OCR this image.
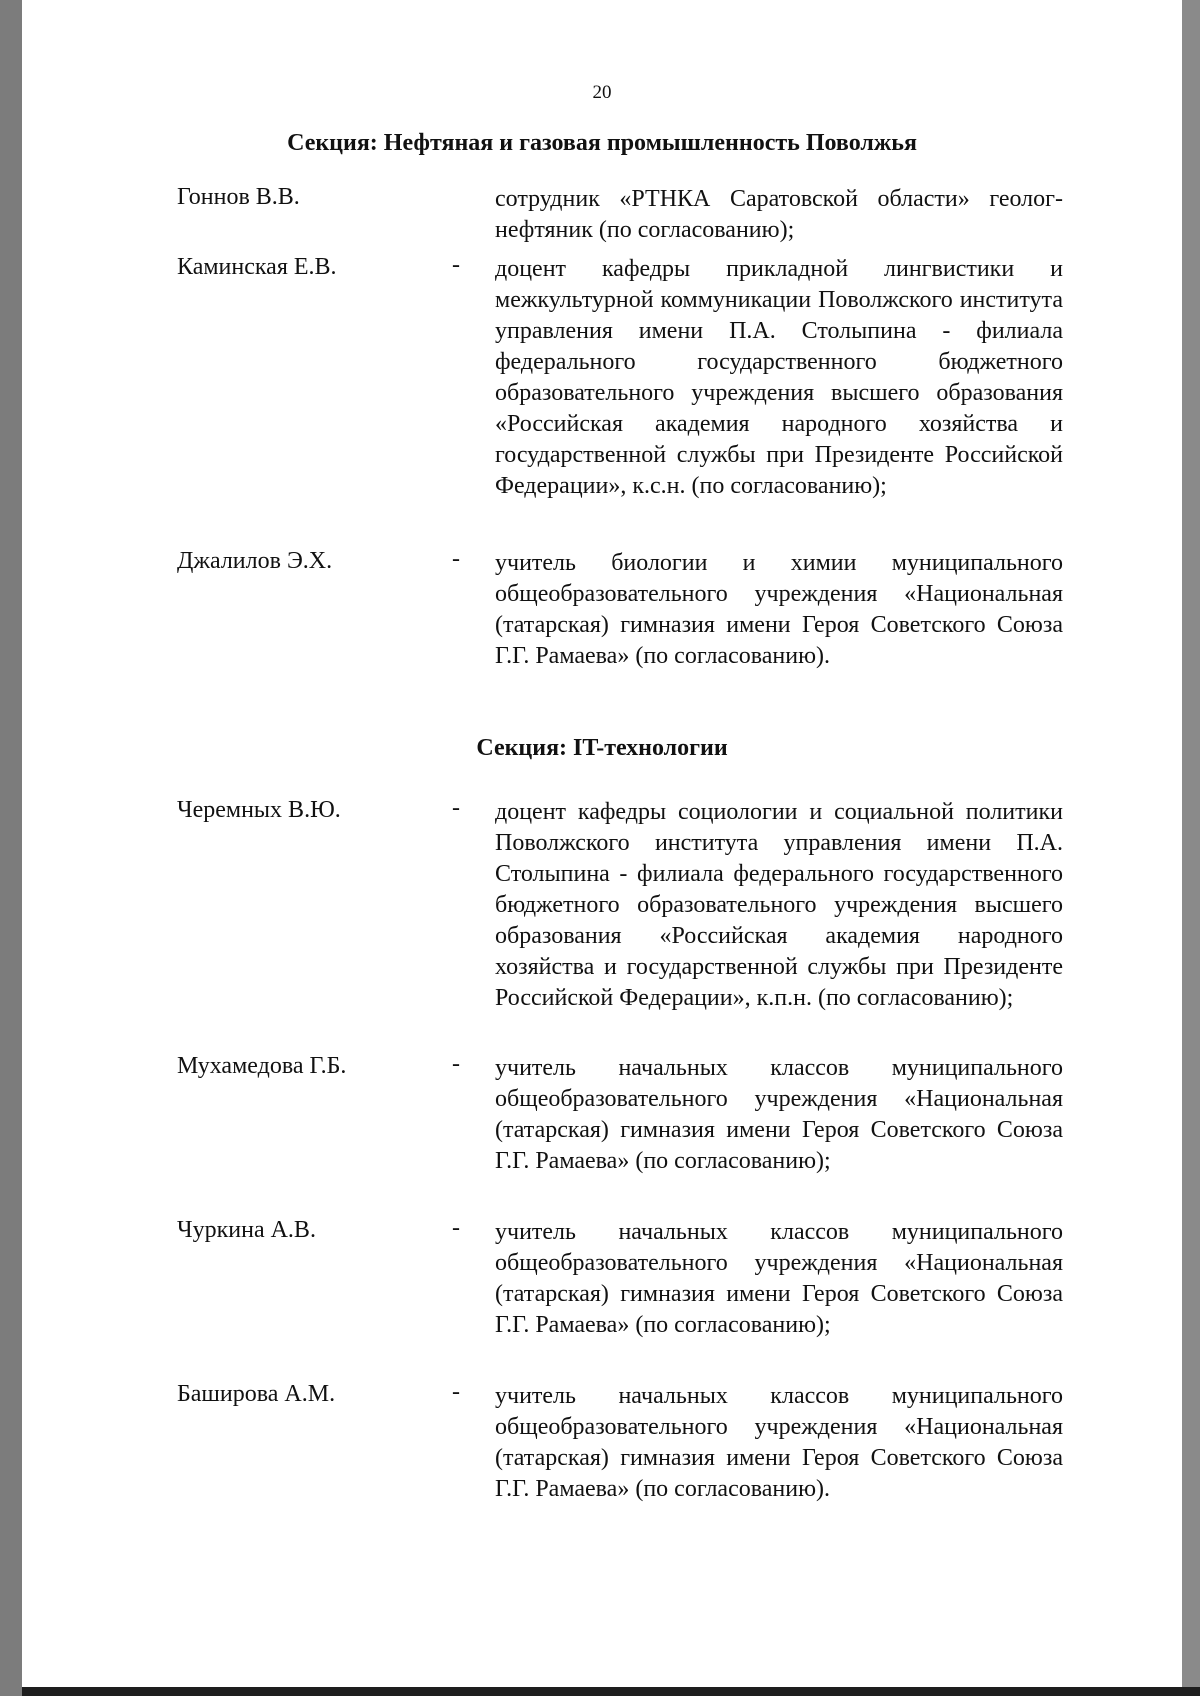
20
Секция: Нефтяная и газовая промышленность Поволжья
Гоннов В.В.	сотрудник «РТНКА Саратовской области» геолог-нефтяник (по согласованию);
Каминская Е.В.	- доцент кафедры прикладной лингвистики и межкультурной коммуникации Поволжского института управления имени П.А. Столыпина - филиала федерального государственного бюджетного образовательного учреждения высшего образования «Российская академия народного хозяйства и государственной службы при Президенте Российской Федерации», к.с.н. (по согласованию);
Джалилов Э.Х.	- учитель биологии и химии муниципального общеобразовательного учреждения «Национальная (татарская) гимназия имени Героя Советского Союза Г.Г. Рамаева» (по согласованию).
Секция: IT-технологии
Черемных В.Ю.	- доцент кафедры социологии и социальной политики Поволжского института управления имени П.А. Столыпина - филиала федерального государственного бюджетного образовательного учреждения высшего образования «Российская академия народного хозяйства и государственной службы при Президенте Российской Федерации», к.п.н. (по согласованию);
Мухамедова Г.Б.	- учитель начальных классов муниципального общеобразовательного учреждения «Национальная (татарская) гимназия имени Героя Советского Союза Г.Г. Рамаева» (по согласованию);
Чуркина А.В.	- учитель начальных классов муниципального общеобразовательного учреждения «Национальная (татарская) гимназия имени Героя Советского Союза Г.Г. Рамаева» (по согласованию);
Баширова А.М.	- учитель начальных классов муниципального общеобразовательного учреждения «Национальная (татарская) гимназия имени Героя Советского Союза Г.Г. Рамаева» (по согласованию).
